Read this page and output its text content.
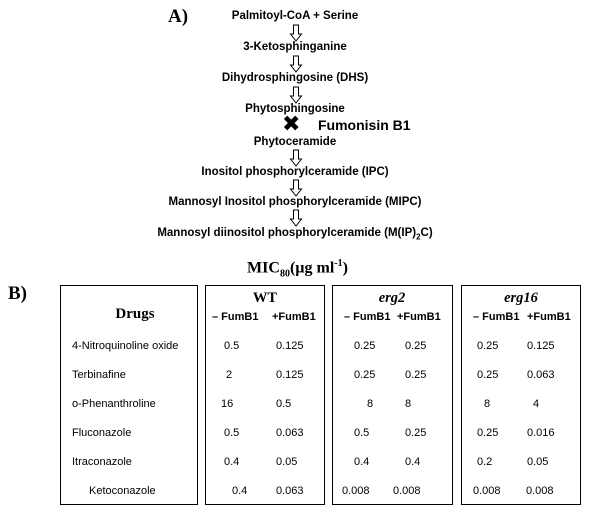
A)	Palmitoyl-CoA + Serine
3-Ketosphinganine
Dihydrosphingosine (DHS)
Phytosphingosine
Phytoceramide
Inositol phosphorylceramide (IPC)
Mannosyl Inositol phosphorylceramide (MIPC)
Mannosyl diinositol phosphorylceramide $(M(IP)_2C)$
✖ Fumonisin B1
B)
$MIC_{80}(\mu g$ $ml^{-1}$)
Drugs
WT
– FumB1 +FumB1
erg2
– FumB1 +FumB1
erg16
– FumB1 +FumB1
4-Nitroquinoline oxide	0.5	0.125	0.25	0.25	0.25	0.125
Terbinafine	2	0.125	0.25	0.25	0.25	0.063
o-Phenanthroline	16	0.5	8	8	8	4
Fluconazole	0.5	0.063	0.5	0.25	0.25	0.016
Itraconazole	0.4	0.05	0.4	0.4	0.2	0.05
Ketoconazole	0.4	0.063	0.008 0.008	0.008 0.008
